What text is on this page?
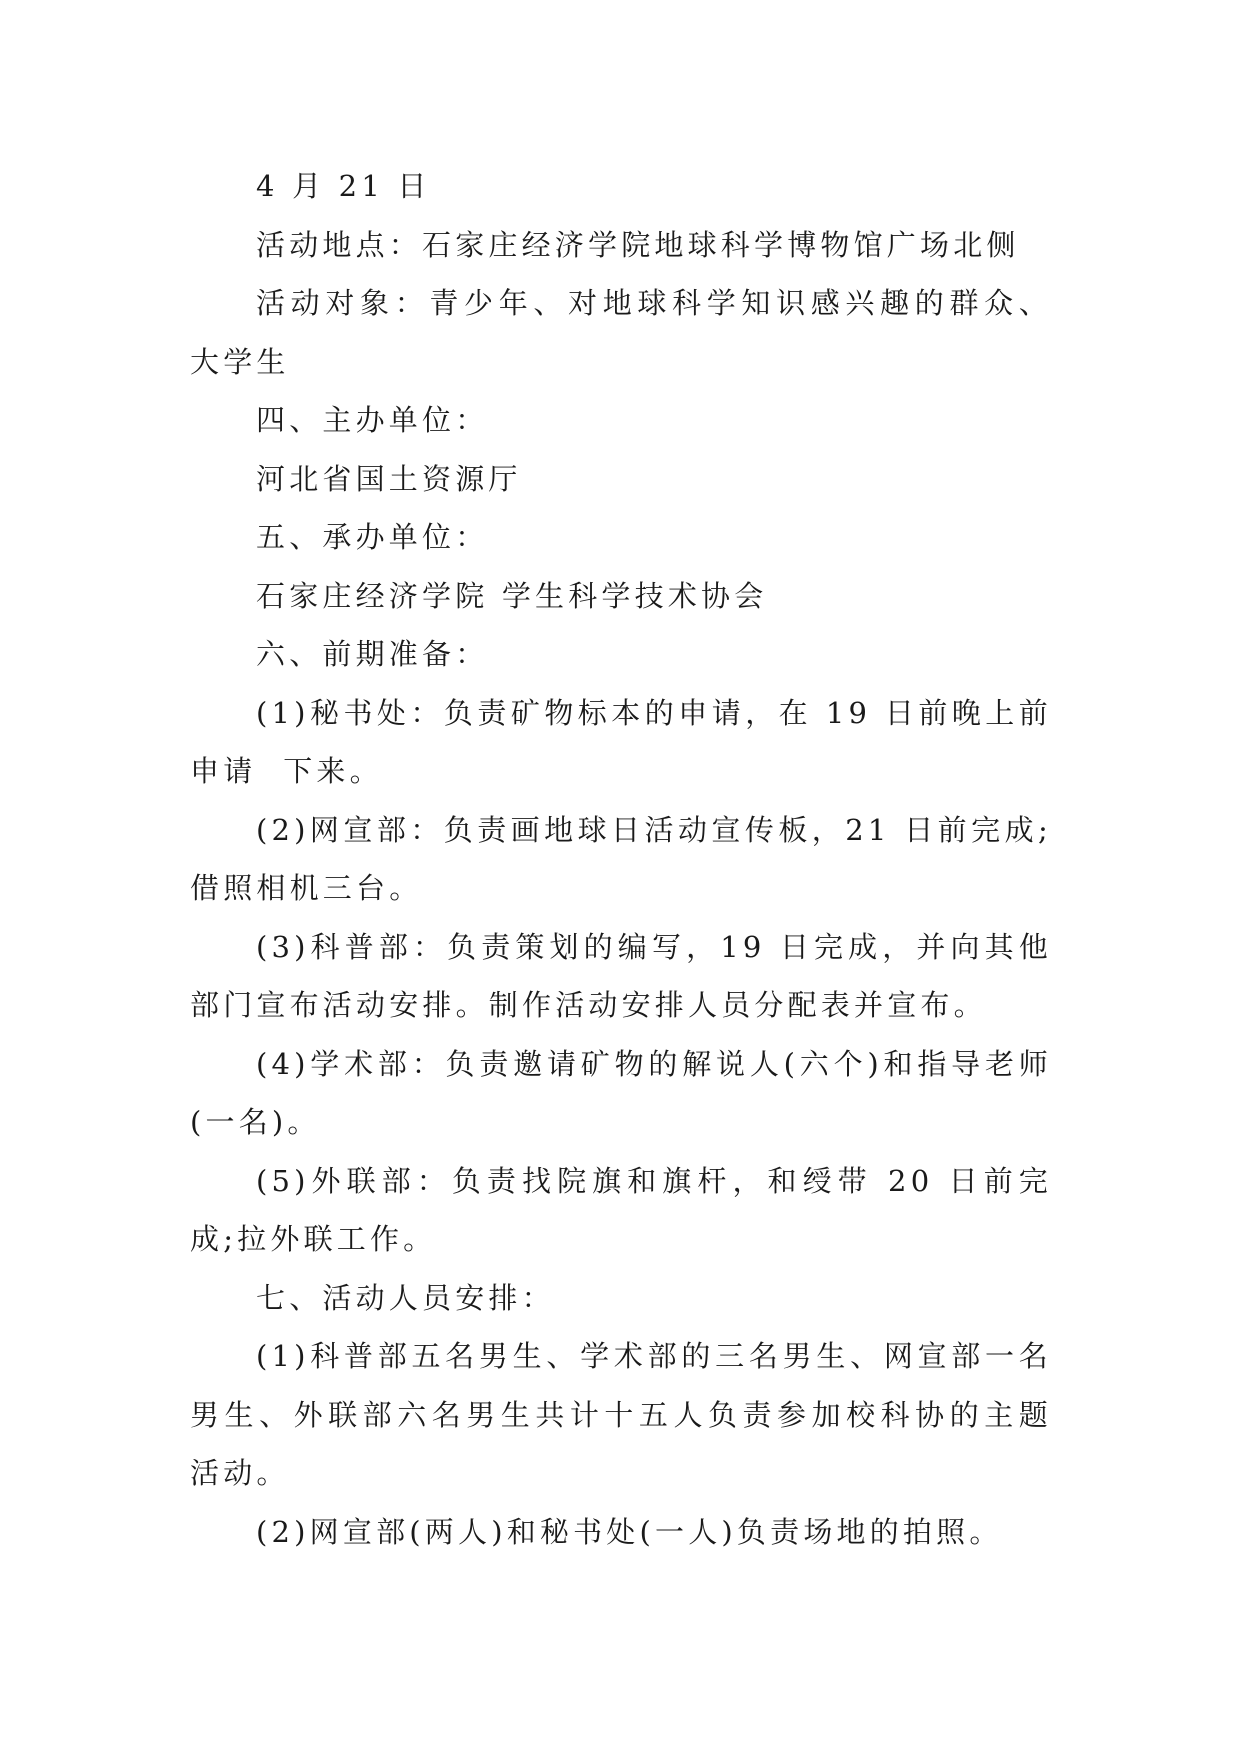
4 月 21 日

活动地点：石家庄经济学院地球科学博物馆广场北侧

活动对象：青少年、对地球科学知识感兴趣的群众、大学生

四、主办单位：

河北省国土资源厅

五、承办单位：

石家庄经济学院 学生科学技术协会

六、前期准备：

(1)秘书处：负责矿物标本的申请，在 19 日前晚上前申请  下来。

(2)网宣部：负责画地球日活动宣传板，21 日前完成;借照相机三台。

(3)科普部：负责策划的编写，19 日完成，并向其他部门宣布活动安排。制作活动安排人员分配表并宣布。

(4)学术部：负责邀请矿物的解说人(六个)和指导老师(一名)。

(5)外联部：负责找院旗和旗杆，和绶带 20 日前完成;拉外联工作。

七、活动人员安排：

(1)科普部五名男生、学术部的三名男生、网宣部一名男生、外联部六名男生共计十五人负责参加校科协的主题活动。

(2)网宣部(两人)和秘书处(一人)负责场地的拍照。
